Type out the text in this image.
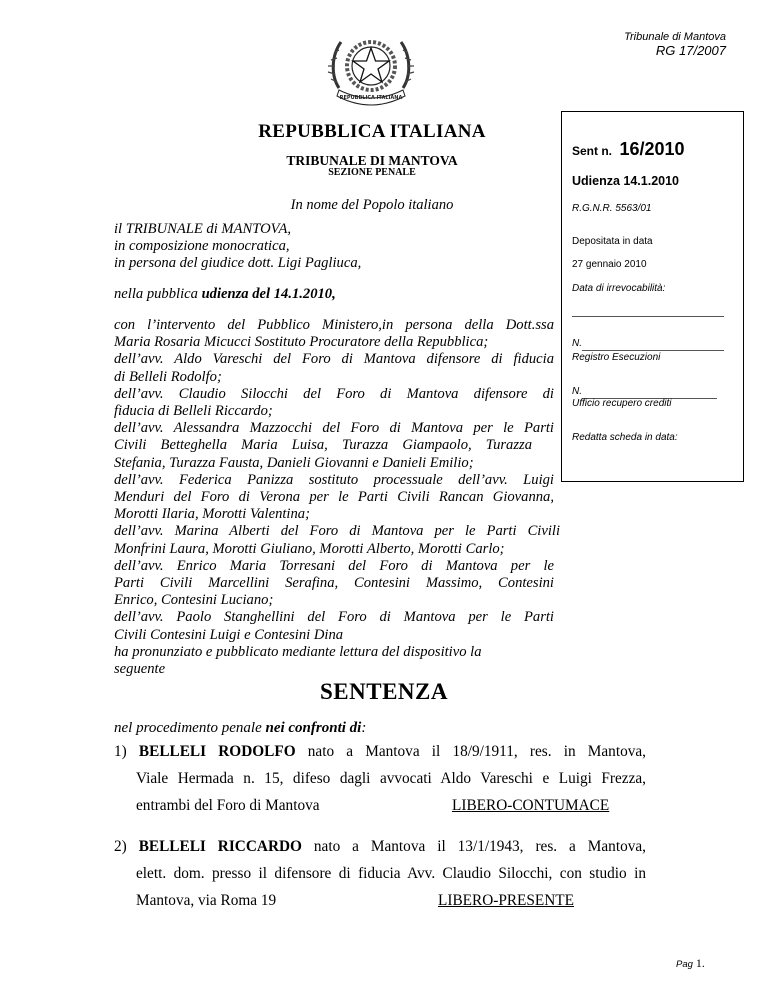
Tribunale di Mantova
RG 17/2007
REPUBBLICA ITALIANA
REPUBBLICA ITALIANA
TRIBUNALE DI MANTOVA
SEZIONE PENALE
In nome del Popolo italiano
il TRIBUNALE di MANTOVA,
in composizione monocratica,
in persona del giudice dott. Ligi Pagliuca,
nella pubblica udienza del 14.1.2010,
con l’intervento del Pubblico Ministero,in persona della Dott.ssa
Maria Rosaria Micucci Sostituto Procuratore della Repubblica;
dell’avv. Aldo Vareschi del Foro di Mantova difensore di fiducia
di Belleli Rodolfo;
dell’avv. Claudio Silocchi del Foro di Mantova difensore di
fiducia di Belleli Riccardo;
dell’avv. Alessandra Mazzocchi del Foro di Mantova per le Parti
Civili Betteghella Maria Luisa, Turazza Giampaolo, Turazza
Stefania, Turazza Fausta, Danieli Giovanni e Danieli Emilio;
dell’avv. Federica Panizza sostituto processuale dell’avv. Luigi
Menduri del Foro di Verona per le Parti Civili Rancan Giovanna,
Morotti Ilaria, Morotti Valentina;
dell’avv. Marina Alberti del Foro di Mantova per le Parti Civili
Monfrini Laura, Morotti Giuliano, Morotti Alberto, Morotti Carlo;
dell’avv. Enrico Maria Torresani del Foro di Mantova per le
Parti Civili Marcellini Serafina, Contesini Massimo, Contesini
Enrico, Contesini Luciano;
dell’avv. Paolo Stanghellini del Foro di Mantova per le Parti
Civili Contesini Luigi e Contesini Dina
ha pronunziato e pubblicato mediante lettura del dispositivo la
seguente
Sent n. 16/2010
Udienza 14.1.2010
R.G.N.R. 5563/01
Depositata in data
27 gennaio 2010
Data di irrevocabilità:
N.
Registro Esecuzioni
N.
Ufficio recupero crediti
Redatta scheda in data:
SENTENZA
nel procedimento penale nei confronti di:
1) BELLELI RODOLFO nato a Mantova il 18/9/1911, res. in Mantova,
Viale Hermada n. 15, difeso dagli avvocati Aldo Vareschi e Luigi Frezza,
entrambi del Foro di Mantova	LIBERO-CONTUMACE
2) BELLELI RICCARDO nato a Mantova il 13/1/1943, res. a Mantova,
elett. dom. presso il difensore di fiducia Avv. Claudio Silocchi, con studio in
Mantova, via Roma 19	LIBERO-PRESENTE
Pag 1.
